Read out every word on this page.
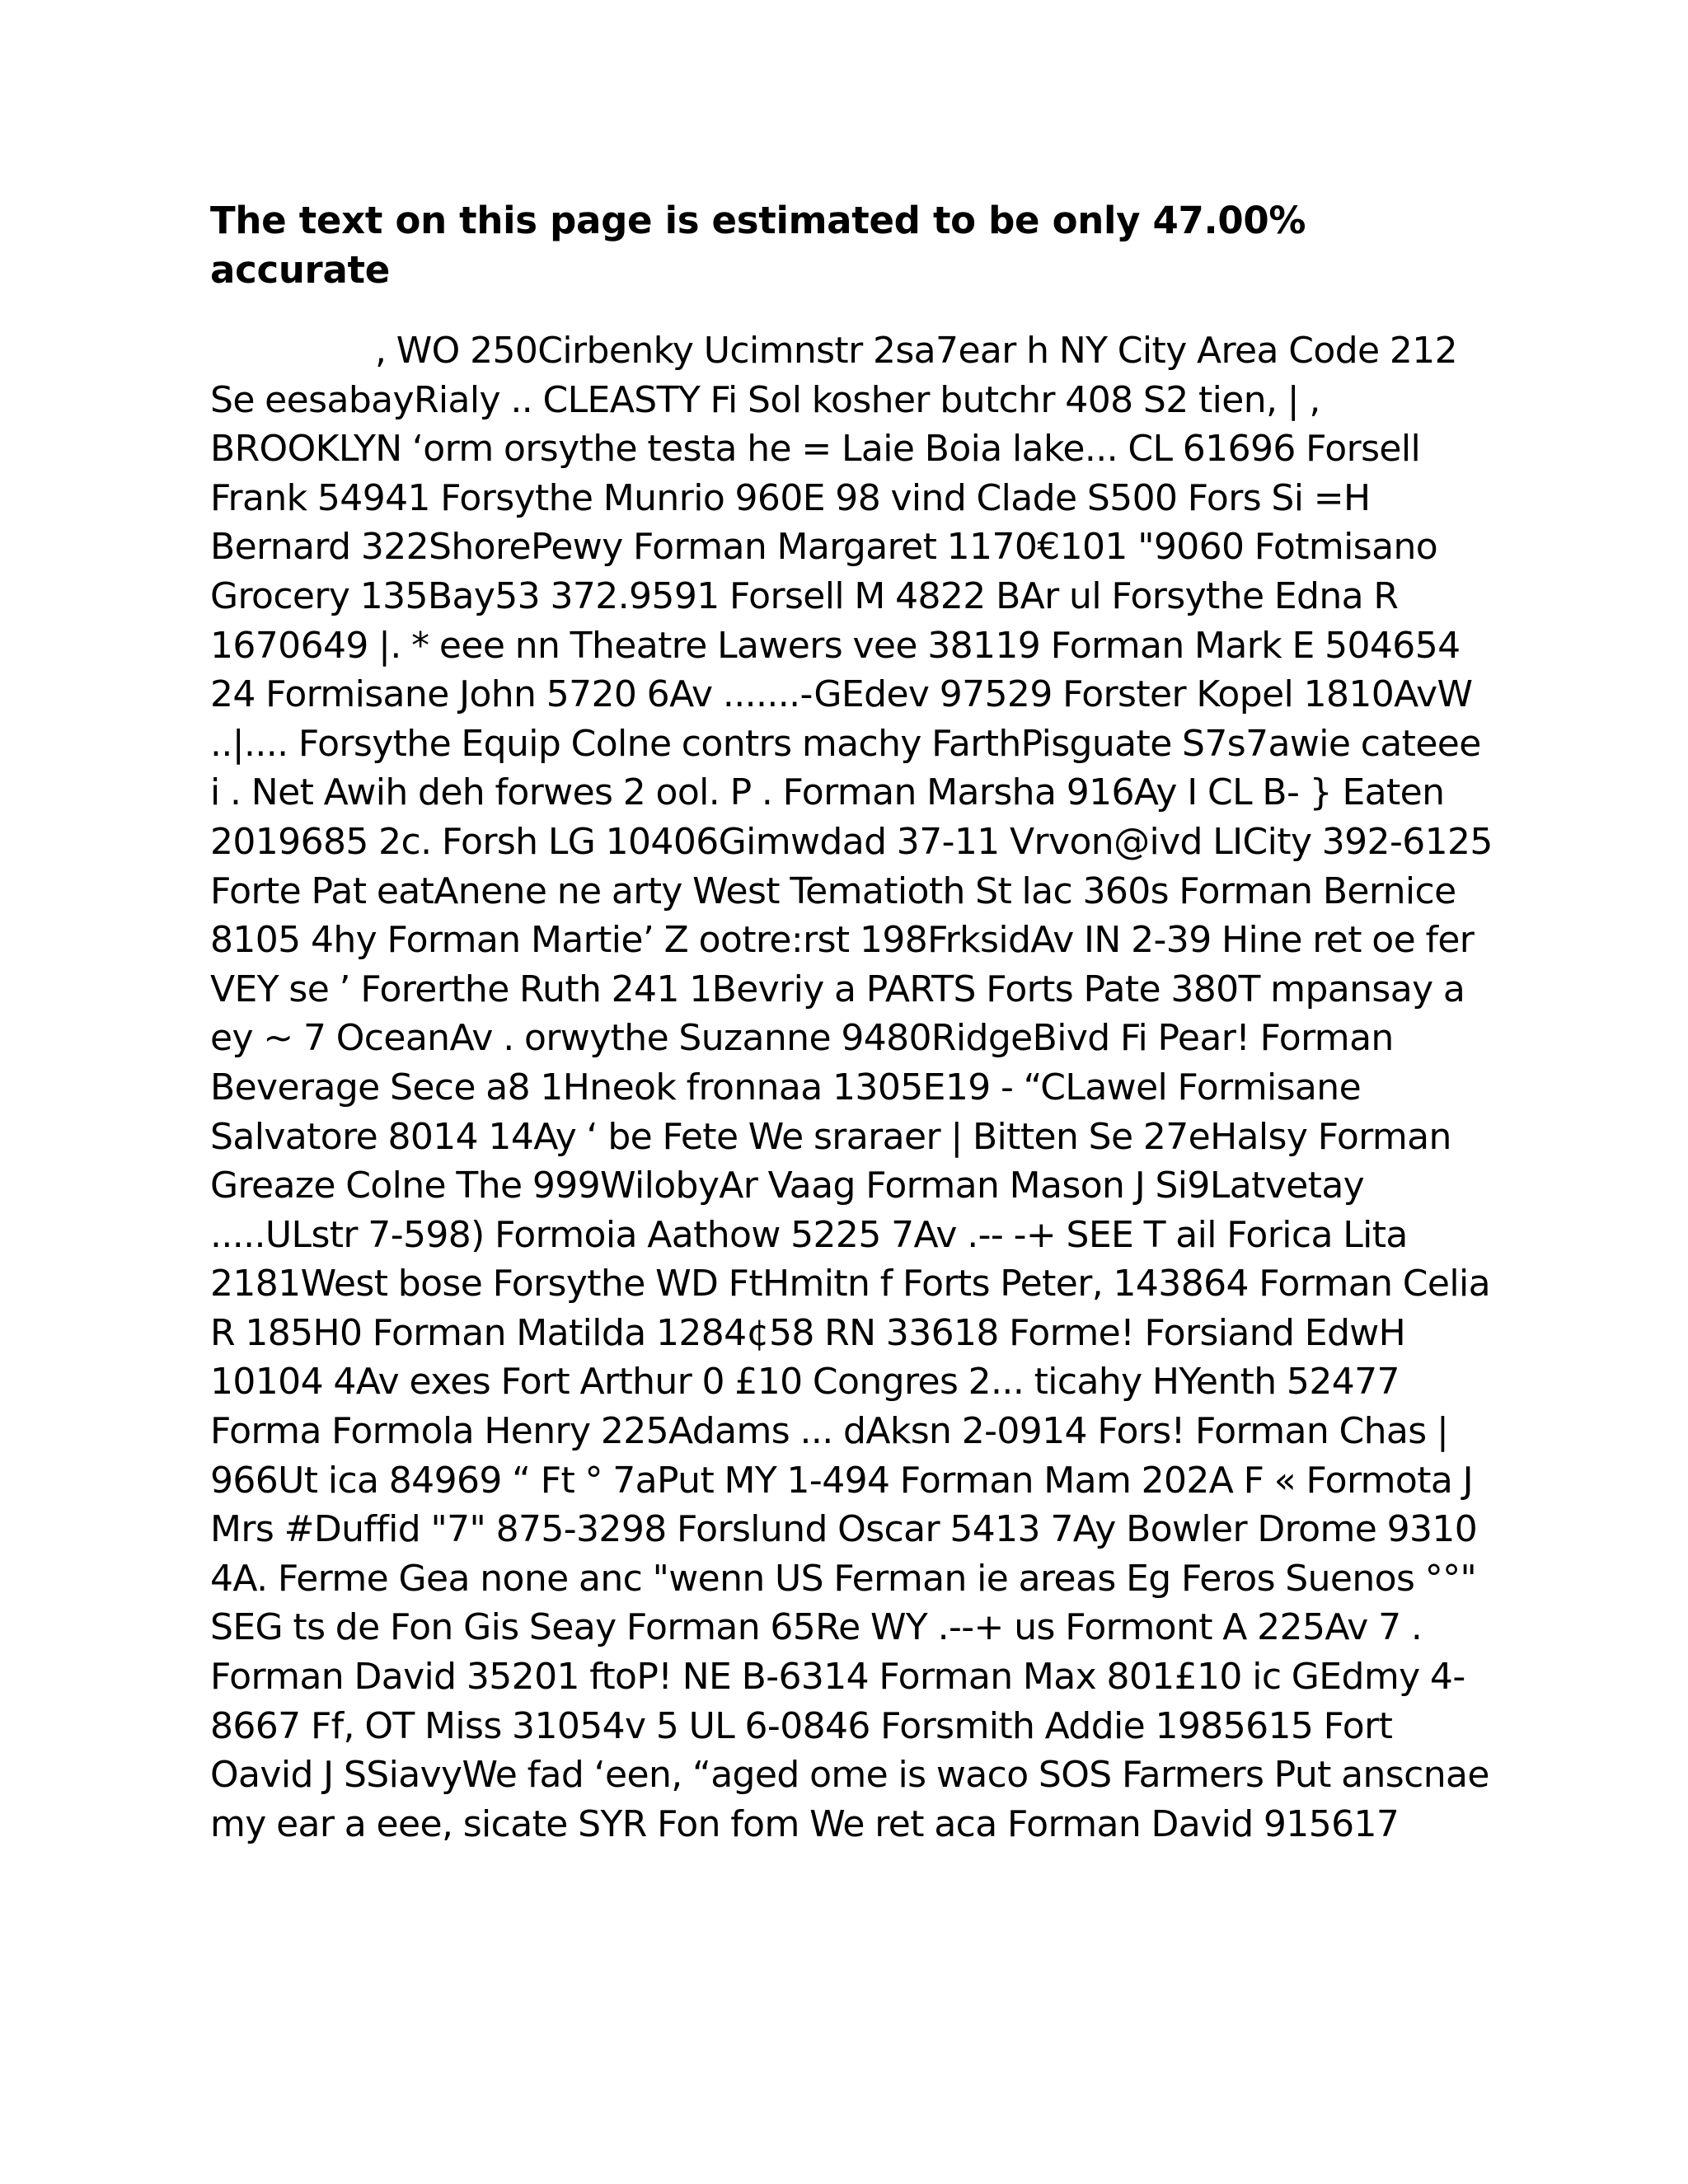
The text on this page is estimated to be only 47.00% accurate

, WO 250Cirbenky Ucimnstr 2sa7ear h NY City Area Code 212 Se eesabayRialy .. CLEASTY Fi Sol kosher butchr 408 S2 tien, | , BROOKLYN ‘orm orsythe testa he = Laie Boia lake... CL 61696 Forsell Frank 54941 Forsythe Munrio 960E 98 vind Clade S500 Fors Si =H Bernard 322ShorePewy Forman Margaret 1170€101 "9060 Fotmisano Grocery 135Bay53 372.9591 Forsell M 4822 BAr ul Forsythe Edna R 1670649 |. * eee nn Theatre Lawers vee 38119 Forman Mark E 504654 24 Formisane John 5720 6Av .......-GEdev 97529 Forster Kopel 1810AvW ..|.... Forsythe Equip Colne contrs machy FarthPisguate S7s7awie cateee i . Net Awih deh forwes 2 ool. P . Forman Marsha 916Ay I CL B- } Eaten 2019685 2c. Forsh LG 10406Gimwdad 37-11 Vrvon@ivd LICity 392-6125 Forte Pat eatAnene ne arty West Tematioth St lac 360s Forman Bernice 8105 4hy Forman Martie’ Z ootre:rst 198FrksidAv IN 2-39 Hine ret oe fer VEY se ’ Forerthe Ruth 241 1Bevriy a PARTS Forts Pate 380T mpansay a ey ~ 7 OceanAv . orwythe Suzanne 9480RidgeBivd Fi Pear! Forman Beverage Sece a8 1Hneok fronnaa 1305E19 - “CLawel Formisane Salvatore 8014 14Ay ‘ be Fete We sraraer | Bitten Se 27eHalsy Forman Greaze Colne The 999WilobyAr Vaag Forman Mason J Si9Latvetay .....ULstr 7-598) Formoia Aathow 5225 7Av .-- -+ SEE T ail Forica Lita 2181West bose Forsythe WD FtHmitn f Forts Peter, 143864 Forman Celia R 185H0 Forman Matilda 1284¢58 RN 33618 Forme! Forsiand EdwH 10104 4Av exes Fort Arthur 0 £10 Congres 2... ticahy HYenth 52477 Forma Formola Henry 225Adams ... dAksn 2-0914 Fors! Forman Chas | 966Ut ica 84969 “ Ft ° 7aPut MY 1-494 Forman Mam 202A F « Formota J Mrs #Duffid "7" 875-3298 Forslund Oscar 5413 7Ay Bowler Drome 9310 4A. Ferme Gea none anc "wenn US Ferman ie areas Eg Feros Suenos °°" SEG ts de Fon Gis Seay Forman 65Re WY .--+ us Formont A 225Av 7 . Forman David 35201 ftoP! NE B-6314 Forman Max 801£10 ic GEdmy 4-8667 Ff, OT Miss 31054v 5 UL 6-0846 Forsmith Addie 1985615 Fort Oavid J SSiavyWe fad ‘een, “aged ome is waco SOS Farmers Put anscnae my ear a eee, sicate SYR Fon fom We ret aca Forman David 915617
